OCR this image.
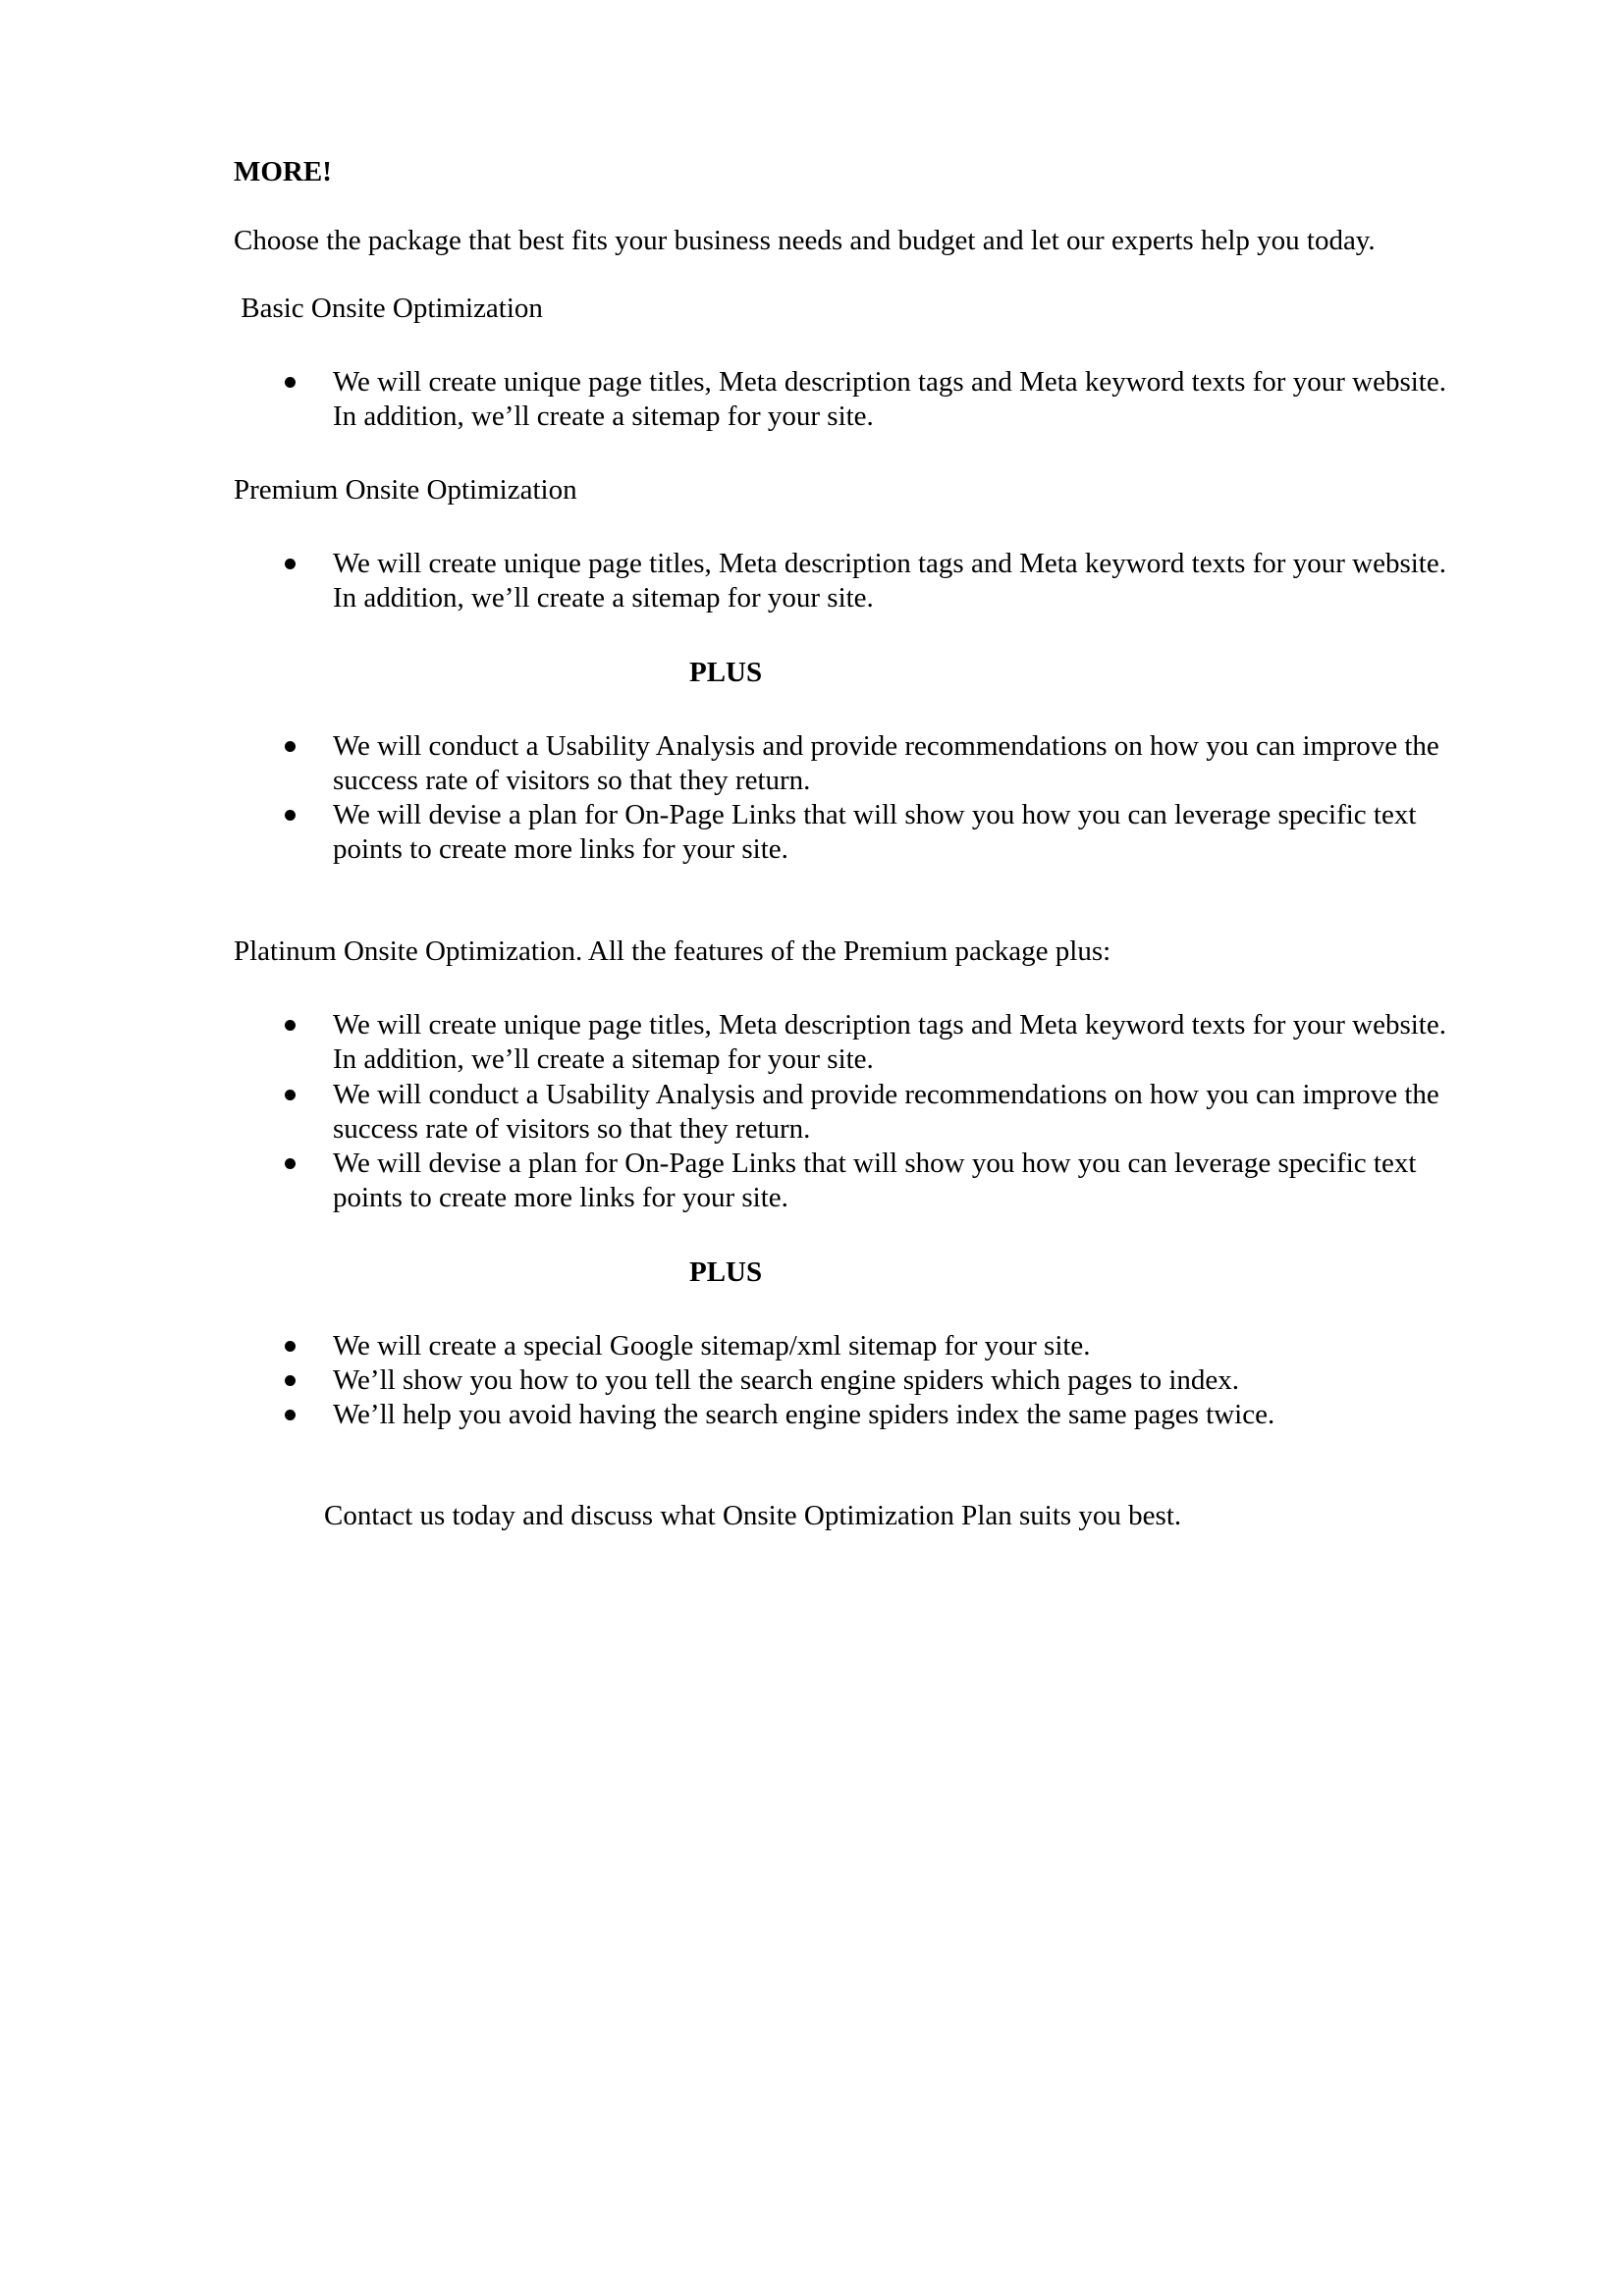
MORE!
Choose the package that best fits your business needs and budget and let our experts help you today.
Basic Onsite Optimization
We will create unique page titles, Meta description tags and Meta keyword texts for your website.
In addition, we’ll create a sitemap for your site.
Premium Onsite Optimization
We will create unique page titles, Meta description tags and Meta keyword texts for your website.
In addition, we’ll create a sitemap for your site.
PLUS
We will conduct a Usability Analysis and provide recommendations on how you can improve the
success rate of visitors so that they return.
We will devise a plan for On-Page Links that will show you how you can leverage specific text
points to create more links for your site.
Platinum Onsite Optimization. All the features of the Premium package plus:
We will create unique page titles, Meta description tags and Meta keyword texts for your website.
In addition, we’ll create a sitemap for your site.
We will conduct a Usability Analysis and provide recommendations on how you can improve the
success rate of visitors so that they return.
We will devise a plan for On-Page Links that will show you how you can leverage specific text
points to create more links for your site.
PLUS
We will create a special Google sitemap/xml sitemap for your site.
We’ll show you how to you tell the search engine spiders which pages to index.
We’ll help you avoid having the search engine spiders index the same pages twice.
Contact us today and discuss what Onsite Optimization Plan suits you best.
